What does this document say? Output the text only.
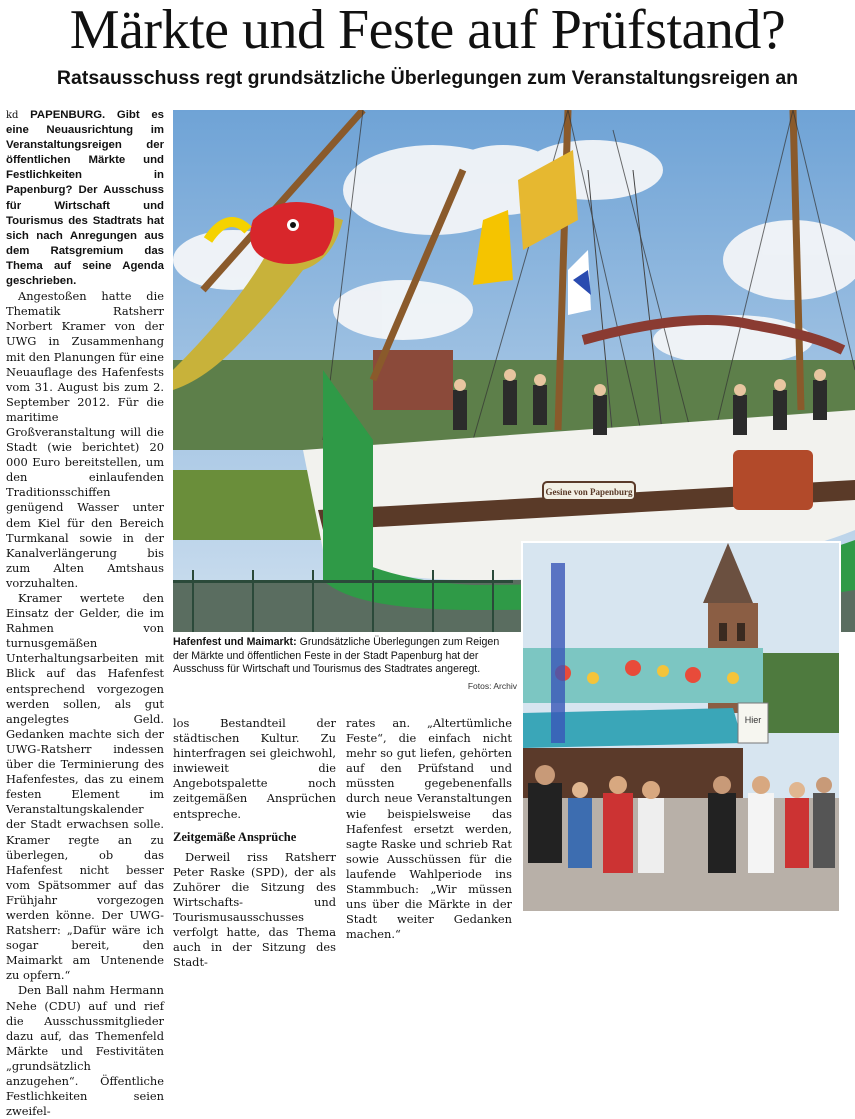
Märkte und Feste auf Prüfstand?
Ratsausschuss regt grundsätzliche Überlegungen zum Veranstaltungsreigen an

kd PAPENBURG. Gibt es eine Neuausrichtung im Veranstaltungsreigen der öffentlichen Märkte und Festlichkeiten in Papenburg? Der Ausschuss für Wirtschaft und Tourismus des Stadtrats hat sich nach Anregungen aus dem Ratsgremium das Thema auf seine Agenda geschrieben.

Angestoßen hatte die Thematik Ratsherr Norbert Kramer von der UWG in Zusammenhang mit den Planungen für eine Neuauflage des Hafenfests vom 31. August bis zum 2. September 2012. Für die maritime Großveranstaltung will die Stadt (wie berichtet) 20 000 Euro bereitstellen, um den einlaufenden Traditionsschiffen genügend Wasser unter dem Kiel für den Bereich Turmkanal sowie in der Kanalverlängerung bis zum Alten Amtshaus vorzuhalten.

Kramer wertete den Einsatz der Gelder, die im Rahmen von turnusgemäßen Unterhaltungsarbeiten mit Blick auf das Hafenfest entsprechend vorgezogen werden sollen, als gut angelegtes Geld. Gedanken machte sich der UWG-Ratsherr indessen über die Terminierung des Hafenfestes, das zu einem festen Element im Veranstaltungskalender der Stadt erwachsen solle. Kramer regte an zu überlegen, ob das Hafenfest nicht besser vom Spätsommer auf das Frühjahr vorgezogen werden könne. Der UWG-Ratsherr: „Dafür wäre ich sogar bereit, den Maimarkt am Untenende zu opfern.“

Den Ball nahm Hermann Nehe (CDU) auf und rief die Ausschussmitglieder dazu auf, das Themenfeld Märkte und Festivitäten „grundsätzlich anzugehen“. Öffentliche Festlichkeiten seien zweifel-

Gesine von Papenburg
Hier
Hafenfest und Maimarkt: Grundsätzliche Überlegungen zum Reigen der Märkte und öffentlichen Feste in der Stadt Papenburg hat der Ausschuss für Wirtschaft und Tourismus des Stadtrates angeregt.
Fotos: Archiv

los Bestandteil der städtischen Kultur. Zu hinterfragen sei gleichwohl, inwieweit die Angebotspalette noch zeitgemäßen Ansprüchen entspreche.

Zeitgemäße Ansprüche

Derweil riss Ratsherr Peter Raske (SPD), der als Zuhörer die Sitzung des Wirtschafts- und Tourismusausschusses verfolgt hatte, das Thema auch in der Sitzung des Stadt-

rates an. „Altertümliche Feste“, die einfach nicht mehr so gut liefen, gehörten auf den Prüfstand und müssten gegebenenfalls durch neue Veranstaltungen wie beispielsweise das Hafenfest ersetzt werden, sagte Raske und schrieb Rat sowie Ausschüssen für die laufende Wahlperiode ins Stammbuch: „Wir müssen uns über die Märkte in der Stadt weiter Gedanken machen.“
